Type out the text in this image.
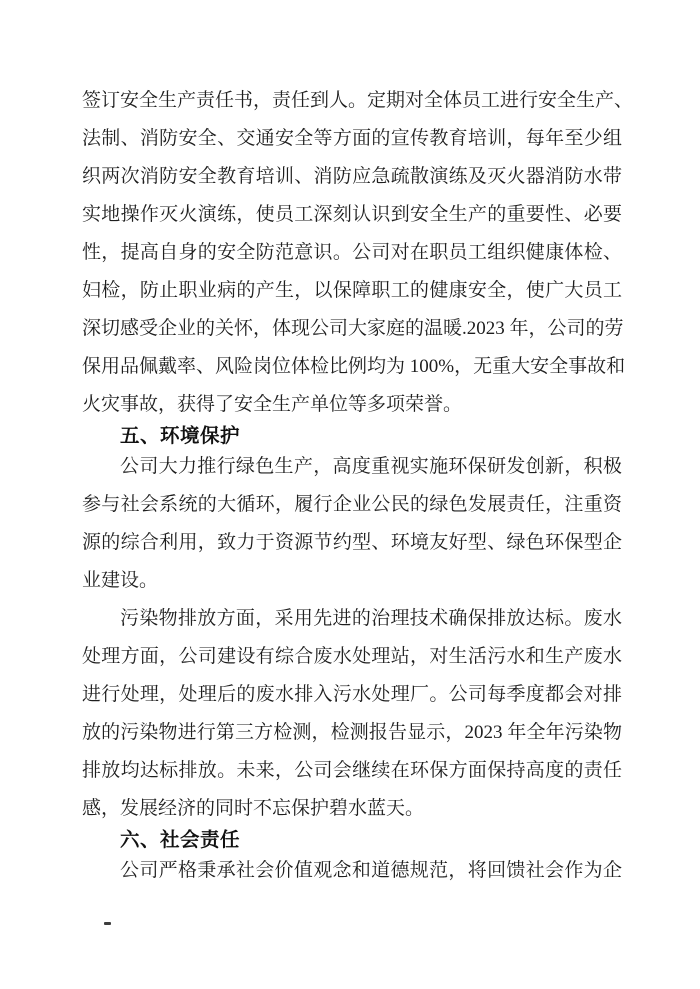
签订安全生产责任书，责任到人。定期对全体员工进行安全生产、
法制、消防安全、交通安全等方面的宣传教育培训，每年至少组
织两次消防安全教育培训、消防应急疏散演练及灭火器消防水带
实地操作灭火演练，使员工深刻认识到安全生产的重要性、必要
性，提高自身的安全防范意识。公司对在职员工组织健康体检、
妇检，防止职业病的产生，以保障职工的健康安全，使广大员工
深切感受企业的关怀，体现公司大家庭的温暖.2023 年，公司的劳
保用品佩戴率、风险岗位体检比例均为 100%，无重大安全事故和
火灾事故，获得了安全生产单位等多项荣誉。
五、环境保护
公司大力推行绿色生产，高度重视实施环保研发创新，积极
参与社会系统的大循环，履行企业公民的绿色发展责任，注重资
源的综合利用，致力于资源节约型、环境友好型、绿色环保型企
业建设。
污染物排放方面，采用先进的治理技术确保排放达标。废水
处理方面，公司建设有综合废水处理站，对生活污水和生产废水
进行处理，处理后的废水排入污水处理厂。公司每季度都会对排
放的污染物进行第三方检测，检测报告显示，2023 年全年污染物
排放均达标排放。未来，公司会继续在环保方面保持高度的责任
感，发展经济的同时不忘保护碧水蓝天。
六、社会责任
公司严格秉承社会价值观念和道德规范，将回馈社会作为企
